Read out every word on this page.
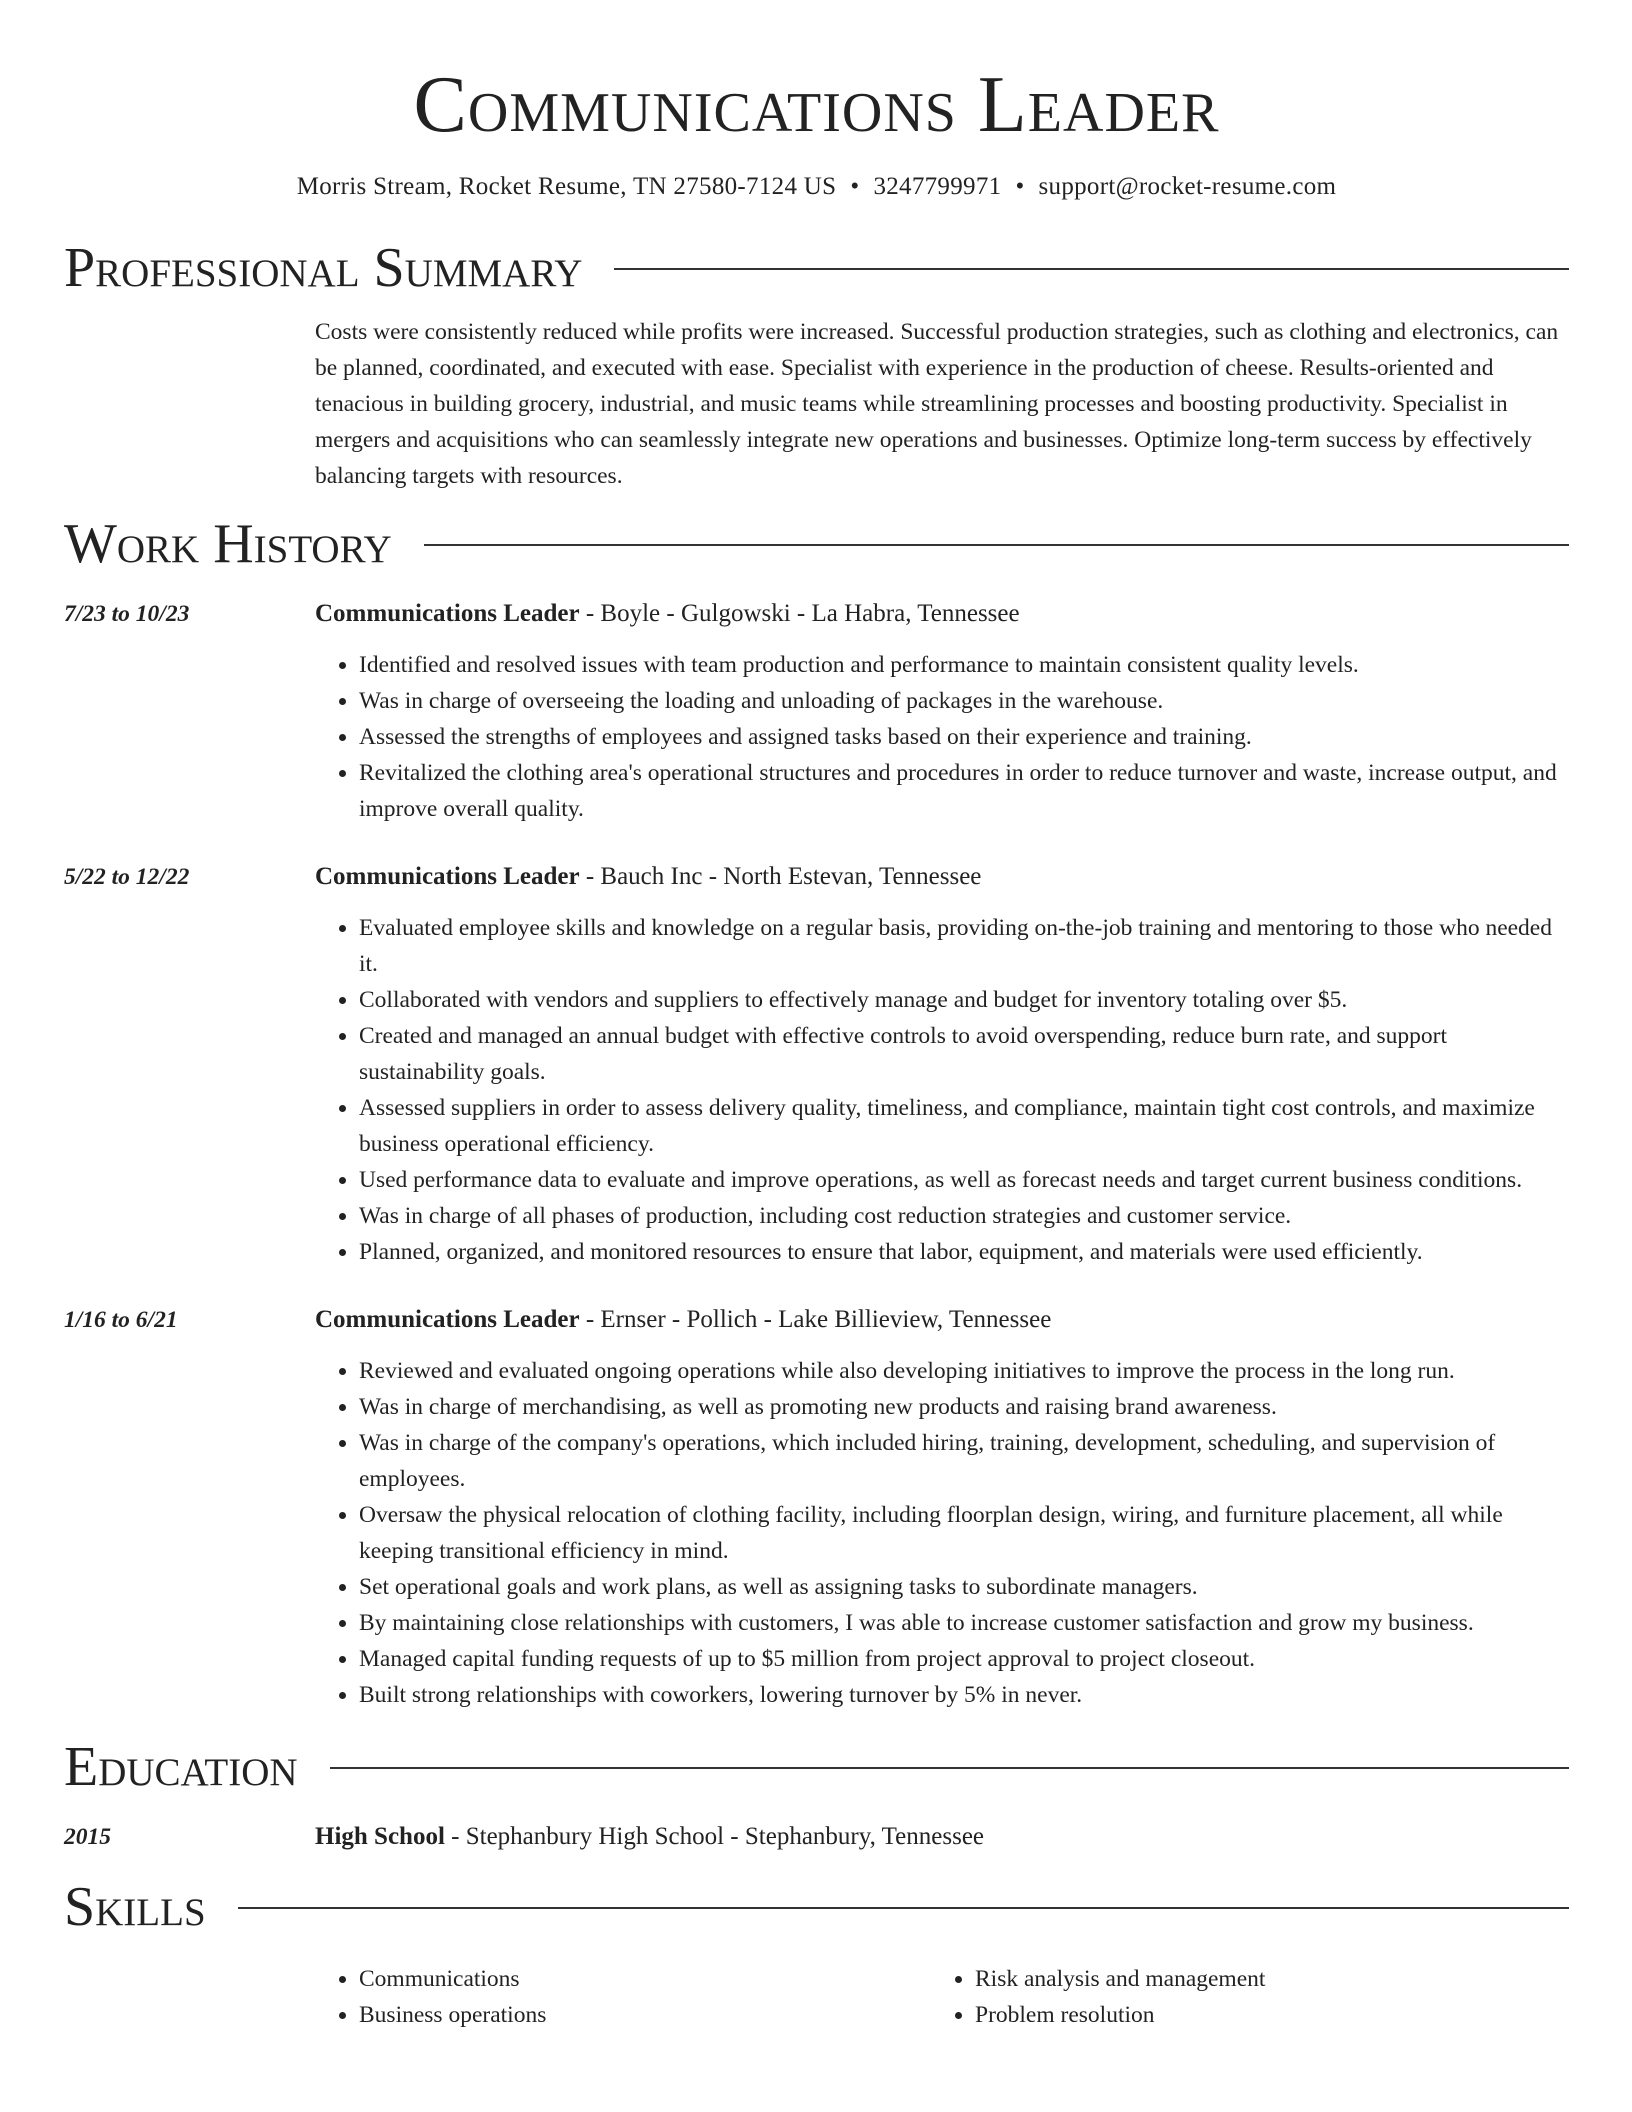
Communications Leader
Morris Stream, Rocket Resume, TN 27580-7124 US • 3247799971 • support@rocket-resume.com
Professional Summary
Costs were consistently reduced while profits were increased. Successful production strategies, such as clothing and electronics, can be planned, coordinated, and executed with ease. Specialist with experience in the production of cheese. Results-oriented and tenacious in building grocery, industrial, and music teams while streamlining processes and boosting productivity. Specialist in mergers and acquisitions who can seamlessly integrate new operations and businesses. Optimize long-term success by effectively balancing targets with resources.
Work History
7/23 to 10/23	Communications Leader - Boyle - Gulgowski - La Habra, Tennessee
• Identified and resolved issues with team production and performance to maintain consistent quality levels.
• Was in charge of overseeing the loading and unloading of packages in the warehouse.
• Assessed the strengths of employees and assigned tasks based on their experience and training.
• Revitalized the clothing area's operational structures and procedures in order to reduce turnover and waste, increase output, and improve overall quality.
5/22 to 12/22	Communications Leader - Bauch Inc - North Estevan, Tennessee
• Evaluated employee skills and knowledge on a regular basis, providing on-the-job training and mentoring to those who needed it.
• Collaborated with vendors and suppliers to effectively manage and budget for inventory totaling over $5.
• Created and managed an annual budget with effective controls to avoid overspending, reduce burn rate, and support sustainability goals.
• Assessed suppliers in order to assess delivery quality, timeliness, and compliance, maintain tight cost controls, and maximize business operational efficiency.
• Used performance data to evaluate and improve operations, as well as forecast needs and target current business conditions.
• Was in charge of all phases of production, including cost reduction strategies and customer service.
• Planned, organized, and monitored resources to ensure that labor, equipment, and materials were used efficiently.
1/16 to 6/21	Communications Leader - Ernser - Pollich - Lake Billieview, Tennessee
• Reviewed and evaluated ongoing operations while also developing initiatives to improve the process in the long run.
• Was in charge of merchandising, as well as promoting new products and raising brand awareness.
• Was in charge of the company's operations, which included hiring, training, development, scheduling, and supervision of employees.
• Oversaw the physical relocation of clothing facility, including floorplan design, wiring, and furniture placement, all while keeping transitional efficiency in mind.
• Set operational goals and work plans, as well as assigning tasks to subordinate managers.
• By maintaining close relationships with customers, I was able to increase customer satisfaction and grow my business.
• Managed capital funding requests of up to $5 million from project approval to project closeout.
• Built strong relationships with coworkers, lowering turnover by 5% in never.
Education
2015	High School - Stephanbury High School - Stephanbury, Tennessee
Skills
• Communications
• Business operations
• Risk analysis and management
• Problem resolution
